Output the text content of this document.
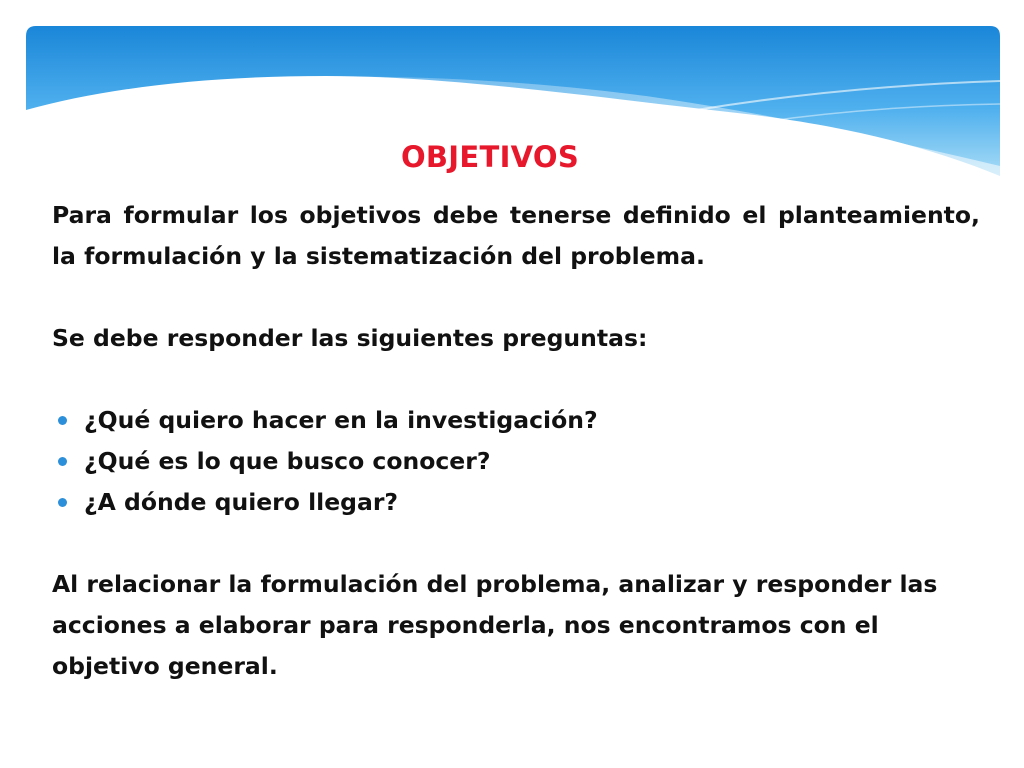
OBJETIVOS

Para formular los objetivos debe tenerse definido el planteamiento, la formulación y la sistematización del problema.

Se debe responder las siguientes preguntas:

¿Qué quiero hacer en la investigación?
¿Qué es lo que busco conocer?
¿A dónde quiero llegar?

Al relacionar la formulación del problema, analizar y responder las acciones a elaborar para responderla, nos encontramos con el objetivo general.
